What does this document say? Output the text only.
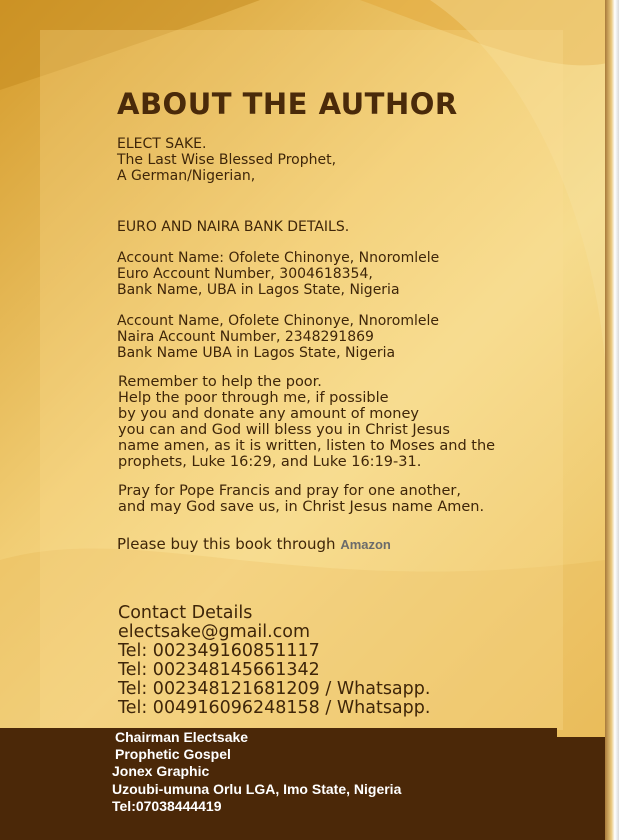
ABOUT THE AUTHOR
ELECT SAKE.
The Last Wise Blessed Prophet,
A German/Nigerian,
EURO AND NAIRA BANK DETAILS.
Account Name: Ofolete Chinonye, Nnoromlele
Euro Account Number, 3004618354,
Bank Name, UBA in Lagos State, Nigeria
Account Name, Ofolete Chinonye, Nnoromlele
Naira Account Number, 2348291869
Bank Name UBA in Lagos State, Nigeria
Remember to help the poor.
Help the poor through me, if possible
by you and donate any amount of money
you can and God will bless you in Christ Jesus
name amen, as it is written, listen to Moses and the
prophets, Luke 16:29, and Luke 16:19-31.
Pray for Pope Francis and pray for one another,
and may God save us, in Christ Jesus name Amen.
Please buy this book through Amazon
Contact Details
electsake@gmail.com
Tel: 002349160851117
Tel: 002348145661342
Tel: 002348121681209 / Whatsapp.
Tel: 004916096248158 / Whatsapp.
Chairman Electsake
Prophetic Gospel
Jonex Graphic
Uzoubi-umuna Orlu LGA, Imo State, Nigeria
Tel:07038444419
